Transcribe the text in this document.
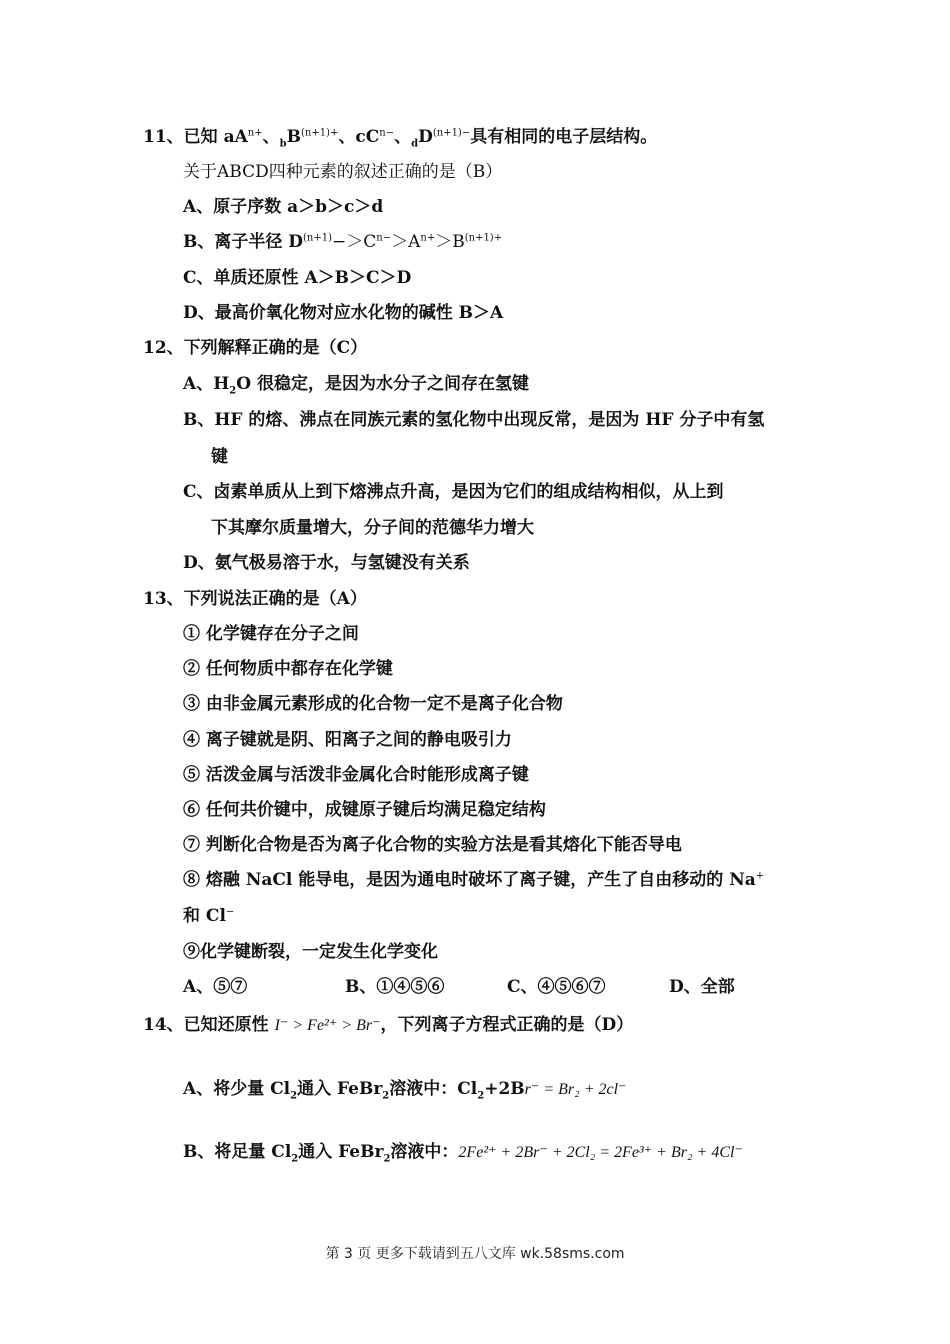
11、已知 $aA^{n+}$、$_bB^{(n+1)+}$、$cC^{n-}$、$_dD^{(n+1)-}$具有相同的电子层结构。
关于ABCD四种元素的叙述正确的是（B）
A、原子序数 a＞b＞c＞d
B、离子半径 $D^{(n+1)}->C^{n-}>A^{n+}>B^{(n+1)+}$
C、单质还原性 A＞B＞C＞D
D、最高价氧化物对应水化物的碱性 B＞A
12、下列解释正确的是（C）
A、$H_2O$ 很稳定，是因为水分子之间存在氢键
B、HF 的熔、沸点在同族元素的氢化物中出现反常，是因为 HF 分子中有氢
键
C、卤素单质从上到下熔沸点升高，是因为它们的组成结构相似，从上到
下其摩尔质量增大，分子间的范德华力增大
D、氨气极易溶于水，与氢键没有关系
13、下列说法正确的是（A）
① 化学键存在分子之间
② 任何物质中都存在化学键
③ 由非金属元素形成的化合物一定不是离子化合物
④ 离子键就是阴、阳离子之间的静电吸引力
⑤ 活泼金属与活泼非金属化合时能形成离子键
⑥ 任何共价键中，成键原子键后均满足稳定结构
⑦ 判断化合物是否为离子化合物的实验方法是看其熔化下能否导电
⑧ 熔融 NaCl 能导电，是因为通电时破坏了离子键，产生了自由移动的 Na+
和 Cl−
⑨化学键断裂，一定发生化学变化
A、⑤⑦	B、①④⑤⑥	C、④⑤⑥⑦	D、全部
14、已知还原性 I⁻ > Fe²⁺ > Br⁻，下列离子方程式正确的是（D）
A、将少量 $Cl_2$通入 FeBr$_2$溶液中：$Cl_2+2Br^- = Br_2 + 2cl^-$
B、将足量 $Cl_2$通入 FeBr$_2$溶液中：2Fe²⁺ + 2Br⁻ + 2Cl₂ = 2Fe³⁺ + Br₂ + 4Cl⁻
第 3 页 更多下载请到五八文库 wk.58sms.com
